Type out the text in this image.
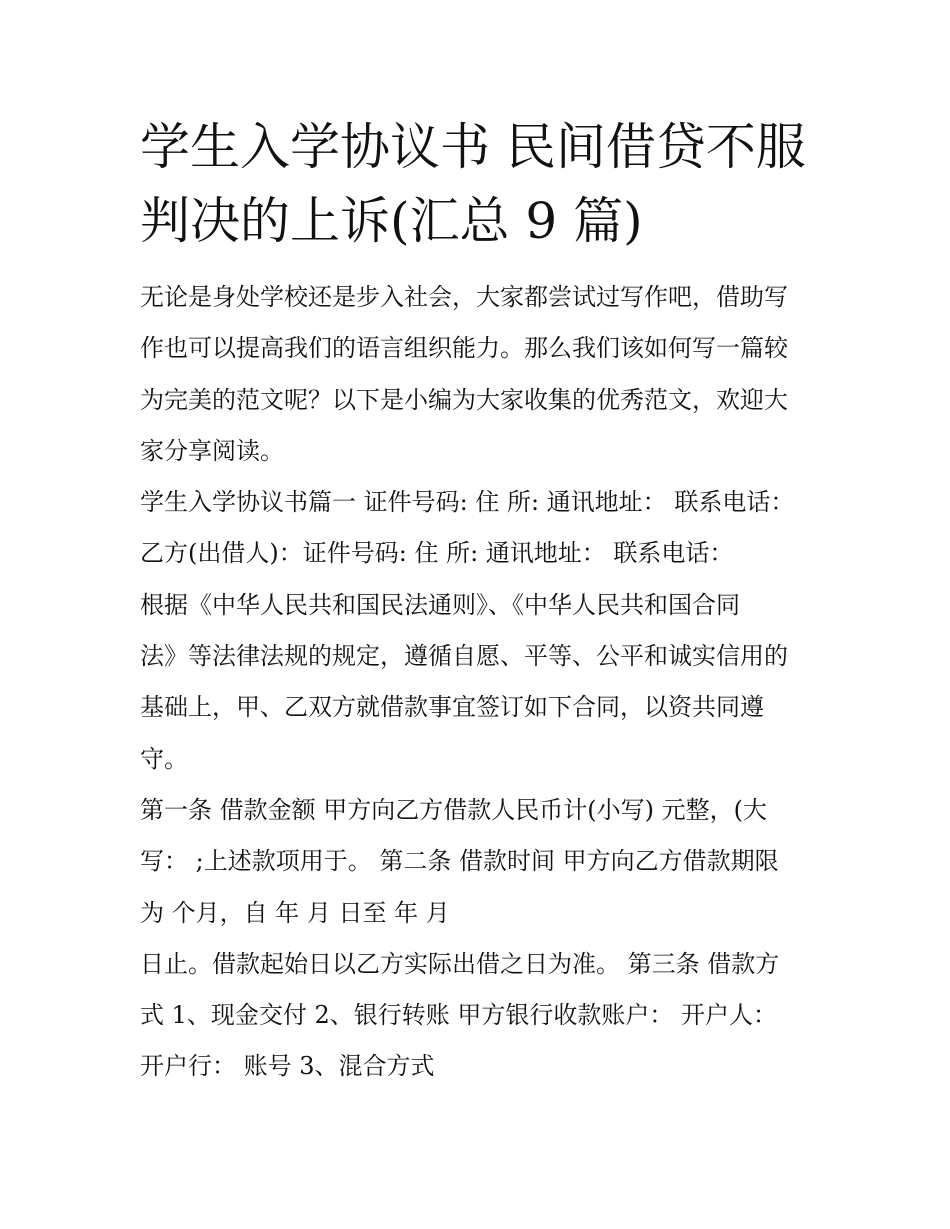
学生入学协议书 民间借贷不服
判决的上诉(汇总 9 篇)
无论是身处学校还是步入社会，大家都尝试过写作吧，借助写
作也可以提高我们的语言组织能力。那么我们该如何写一篇较
为完美的范文呢？以下是小编为大家收集的优秀范文，欢迎大
家分享阅读。
学生入学协议书篇一 证件号码: 住 所: 通讯地址： 联系电话：
乙方(出借人)：证件号码: 住 所: 通讯地址： 联系电话：
根据《中华人民共和国民法通则》、《中华人民共和国合同
法》等法律法规的规定，遵循自愿、平等、公平和诚实信用的
基础上，甲、乙双方就借款事宜签订如下合同，以资共同遵
守。
第一条 借款金额 甲方向乙方借款人民币计(小写) 元整，(大
写： ;上述款项用于。 第二条 借款时间 甲方向乙方借款期限
为 个月，自 年 月 日至 年 月
日止。借款起始日以乙方实际出借之日为准。 第三条 借款方
式 1、现金交付 2、银行转账 甲方银行收款账户： 开户人：
开户行： 账号 3、混合方式
